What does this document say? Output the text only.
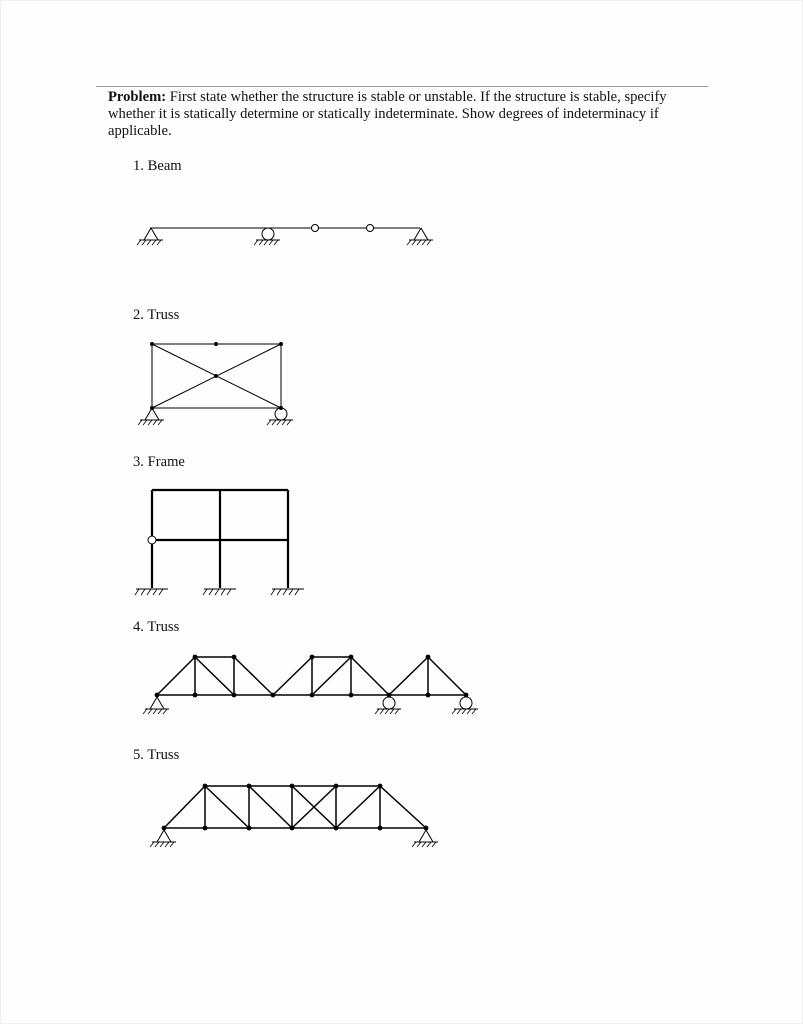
Problem: First state whether the structure is stable or unstable. If the structure is stable, specify whether it is statically determine or statically indeterminate. Show degrees of indeterminacy if applicable.
1. Beam
2. Truss
3. Frame
4. Truss
5. Truss
